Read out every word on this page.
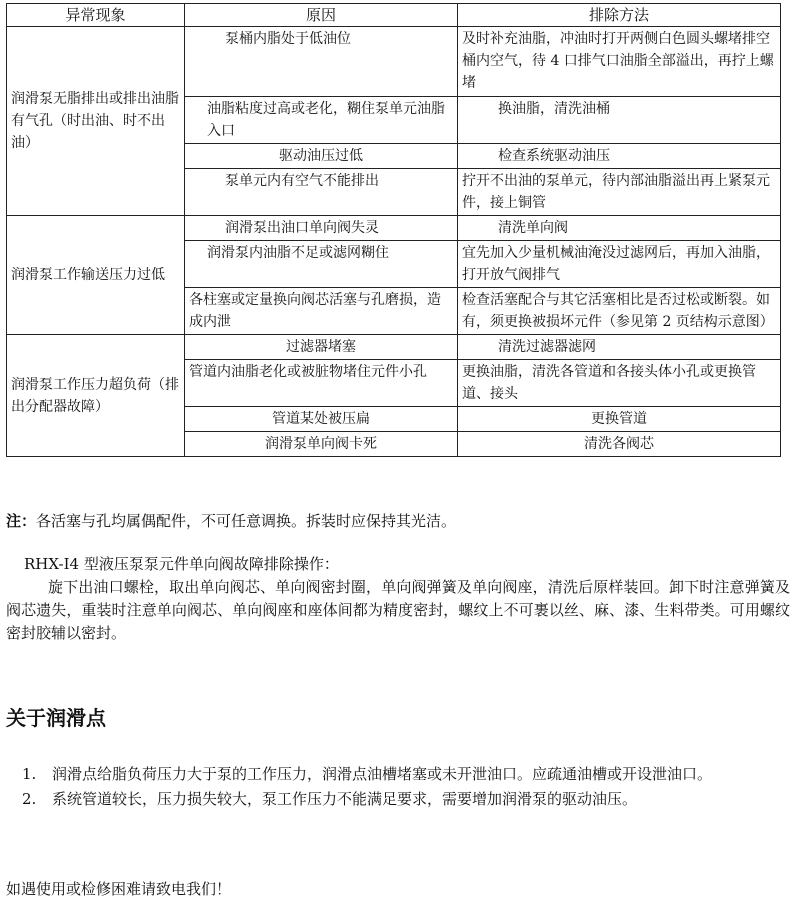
异常现象	原因	排除方法
润滑泵无脂排出或排出油脂有气孔（时出油、时不出油）	泵桶内脂处于低油位	及时补充油脂，冲油时打开两侧白色圆头螺堵排空桶内空气，待 4 口排气口油脂全部溢出，再拧上螺堵
	油脂粘度过高或老化，糊住泵单元油脂入口	换油脂，清洗油桶
	驱动油压过低	检查系统驱动油压
	泵单元内有空气不能排出	拧开不出油的泵单元，待内部油脂溢出再上紧泵元件，接上铜管
润滑泵工作输送压力过低	润滑泵出油口单向阀失灵	清洗单向阀
	润滑泵内油脂不足或滤网糊住	宜先加入少量机械油淹没过滤网后，再加入油脂，打开放气阀排气
	各柱塞或定量换向阀芯活塞与孔磨损，造成内泄	检查活塞配合与其它活塞相比是否过松或断裂。如有，须更换被损坏元件（参见第 2 页结构示意图）
润滑泵工作压力超负荷（排出分配器故障）	过滤器堵塞	清洗过滤器滤网
	管道内油脂老化或被脏物堵住元件小孔	更换油脂，清洗各管道和各接头体小孔或更换管道、接头
	管道某处被压扁	更换管道
	润滑泵单向阀卡死	清洗各阀芯

注：各活塞与孔均属偶配件，不可任意调换。拆装时应保持其光洁。

RHX-I4 型液压泵泵元件单向阀故障排除操作：

旋下出油口螺栓，取出单向阀芯、单向阀密封圈，单向阀弹簧及单向阀座，清洗后原样装回。卸下时注意弹簧及阀芯遗失，重装时注意单向阀芯、单向阀座和座体间都为精度密封，螺纹上不可裹以丝、麻、漆、生料带类。可用螺纹密封胶辅以密封。

关于润滑点
1. 润滑点给脂负荷压力大于泵的工作压力，润滑点油槽堵塞或未开泄油口。应疏通油槽或开设泄油口。
2. 系统管道较长，压力损失较大，泵工作压力不能满足要求，需要增加润滑泵的驱动油压。

如遇使用或检修困难请致电我们！
